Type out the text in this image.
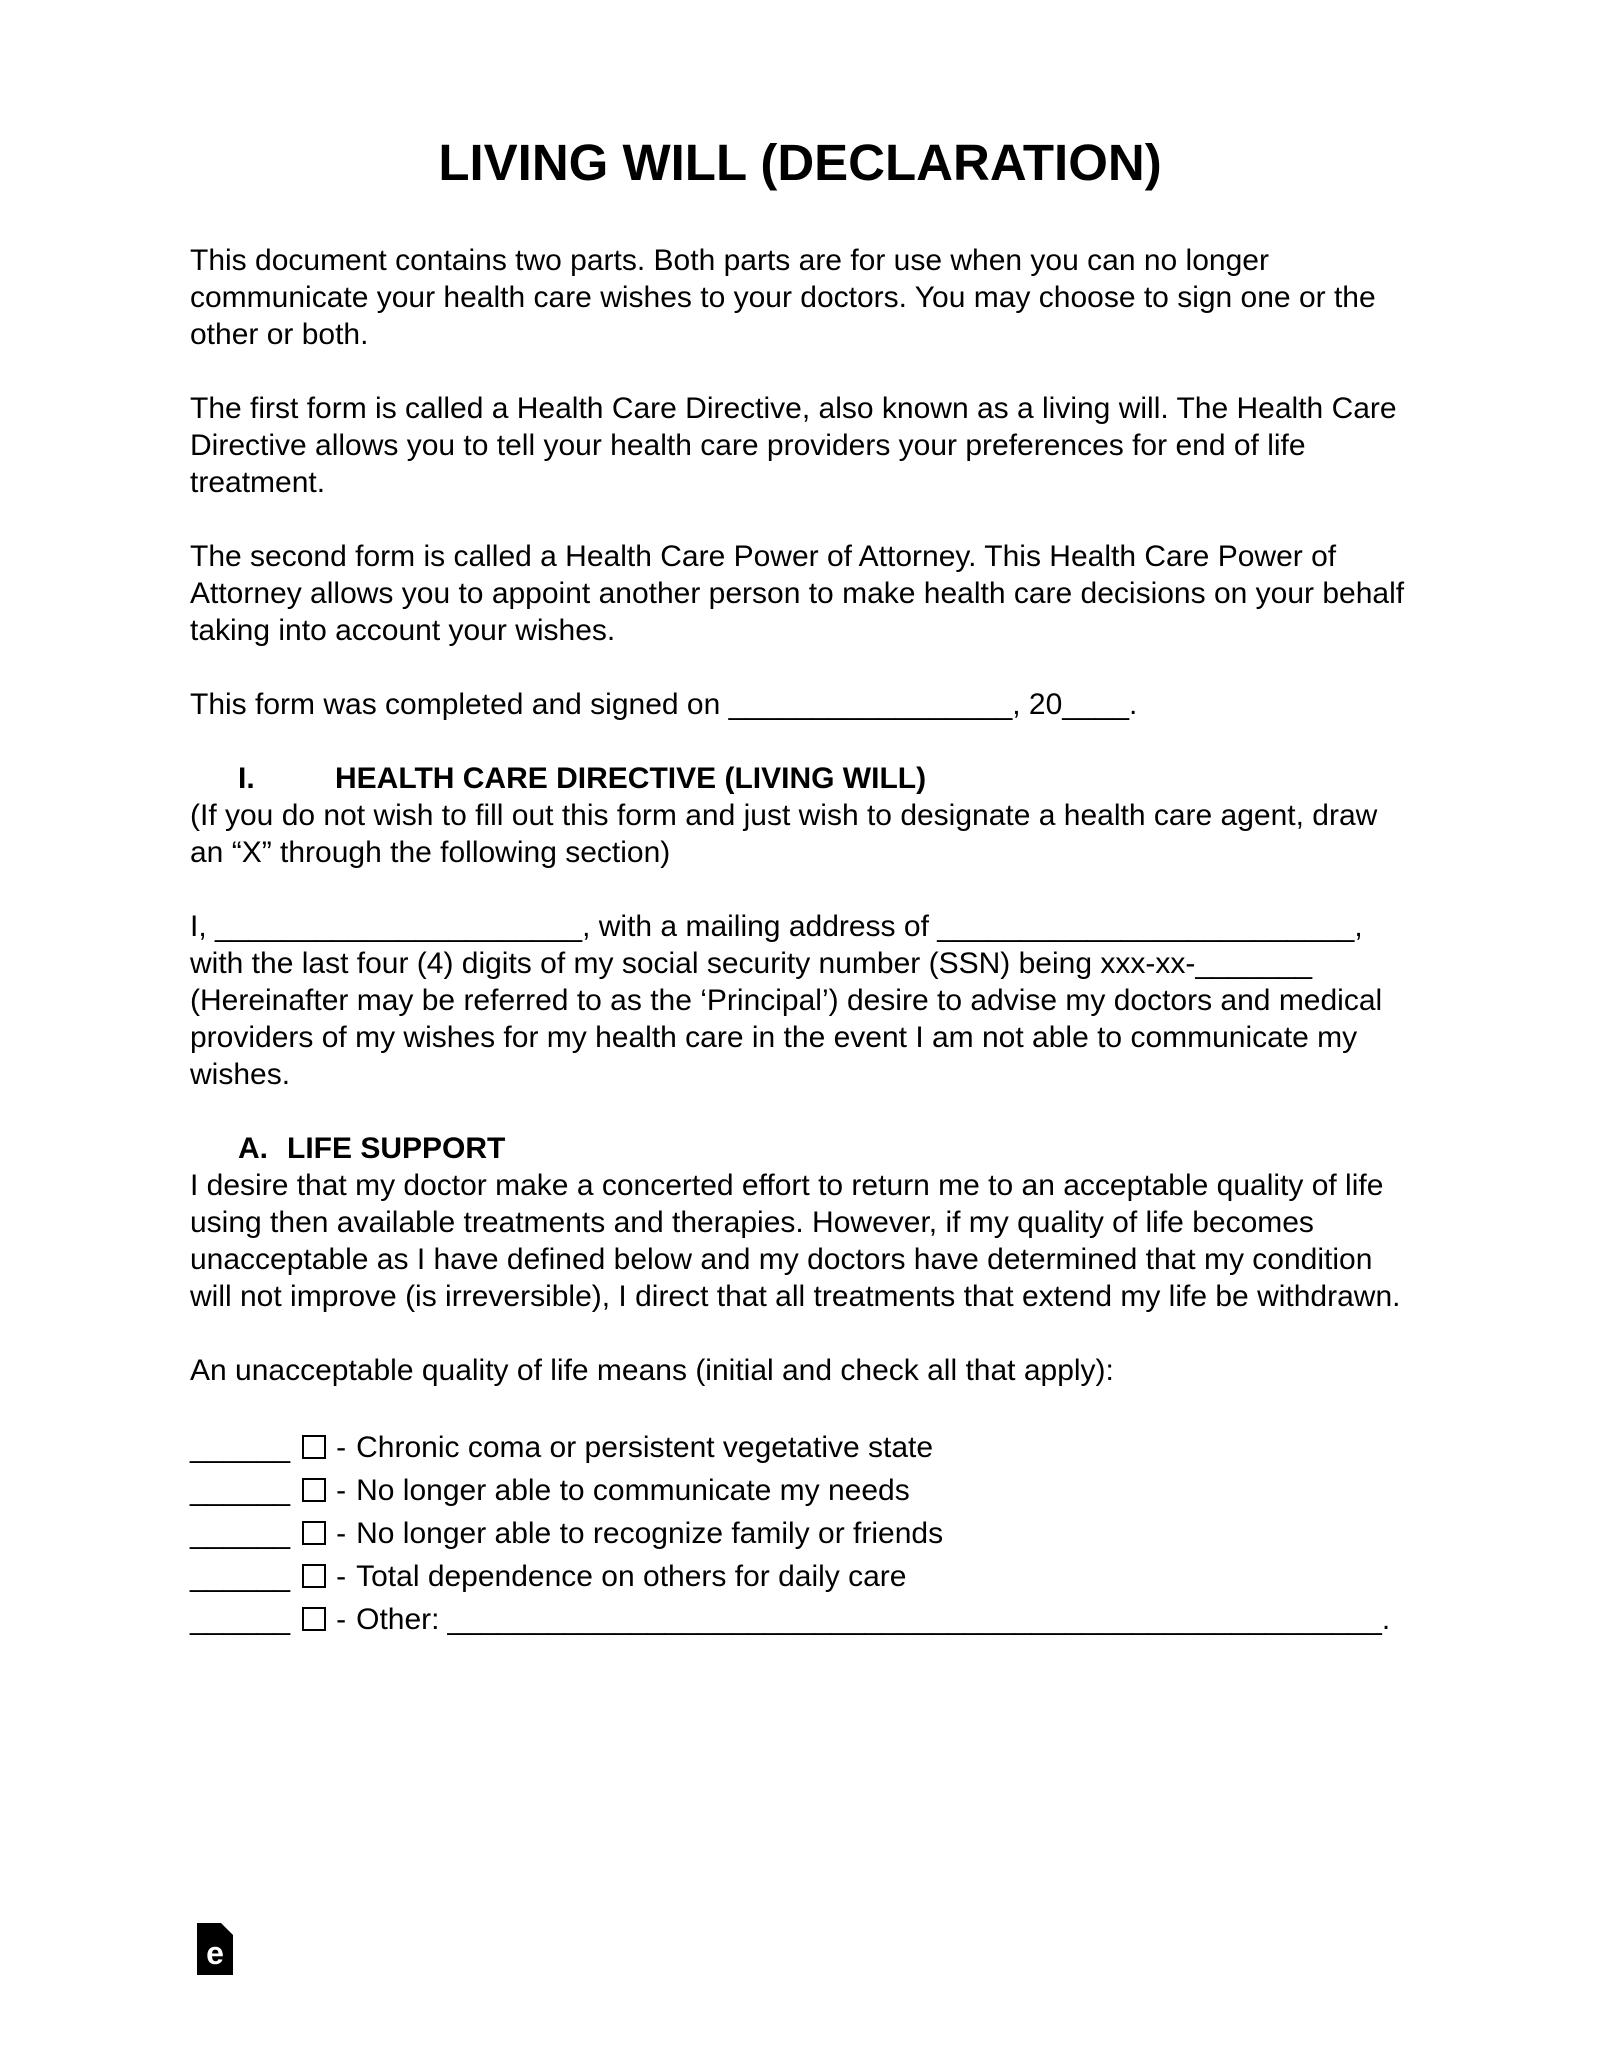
LIVING WILL (DECLARATION)

This document contains two parts. Both parts are for use when you can no longer communicate your health care wishes to your doctors. You may choose to sign one or the other or both.

The first form is called a Health Care Directive, also known as a living will. The Health Care Directive allows you to tell your health care providers your preferences for end of life treatment.

The second form is called a Health Care Power of Attorney. This Health Care Power of Attorney allows you to appoint another person to make health care decisions on your behalf taking into account your wishes.

This form was completed and signed on _________________, 20____.

I.	HEALTH CARE DIRECTIVE (LIVING WILL)

(If you do not wish to fill out this form and just wish to designate a health care agent, draw an “X” through the following section)

I, ______________________, with a mailing address of _________________________, with the last four (4) digits of my social security number (SSN) being xxx-xx-_______ (Hereinafter may be referred to as the ‘Principal’) desire to advise my doctors and medical providers of my wishes for my health care in the event I am not able to communicate my wishes.

A. LIFE SUPPORT

I desire that my doctor make a concerted effort to return me to an acceptable quality of life using then available treatments and therapies. However, if my quality of life becomes unacceptable as I have defined below and my doctors have determined that my condition will not improve (is irreversible), I direct that all treatments that extend my life be withdrawn.

An unacceptable quality of life means (initial and check all that apply):

______ - Chronic coma or persistent vegetative state
______ - No longer able to communicate my needs
______ - No longer able to recognize family or friends
______ - Total dependence on others for daily care
______ - Other: ________________________________________________________.
e
